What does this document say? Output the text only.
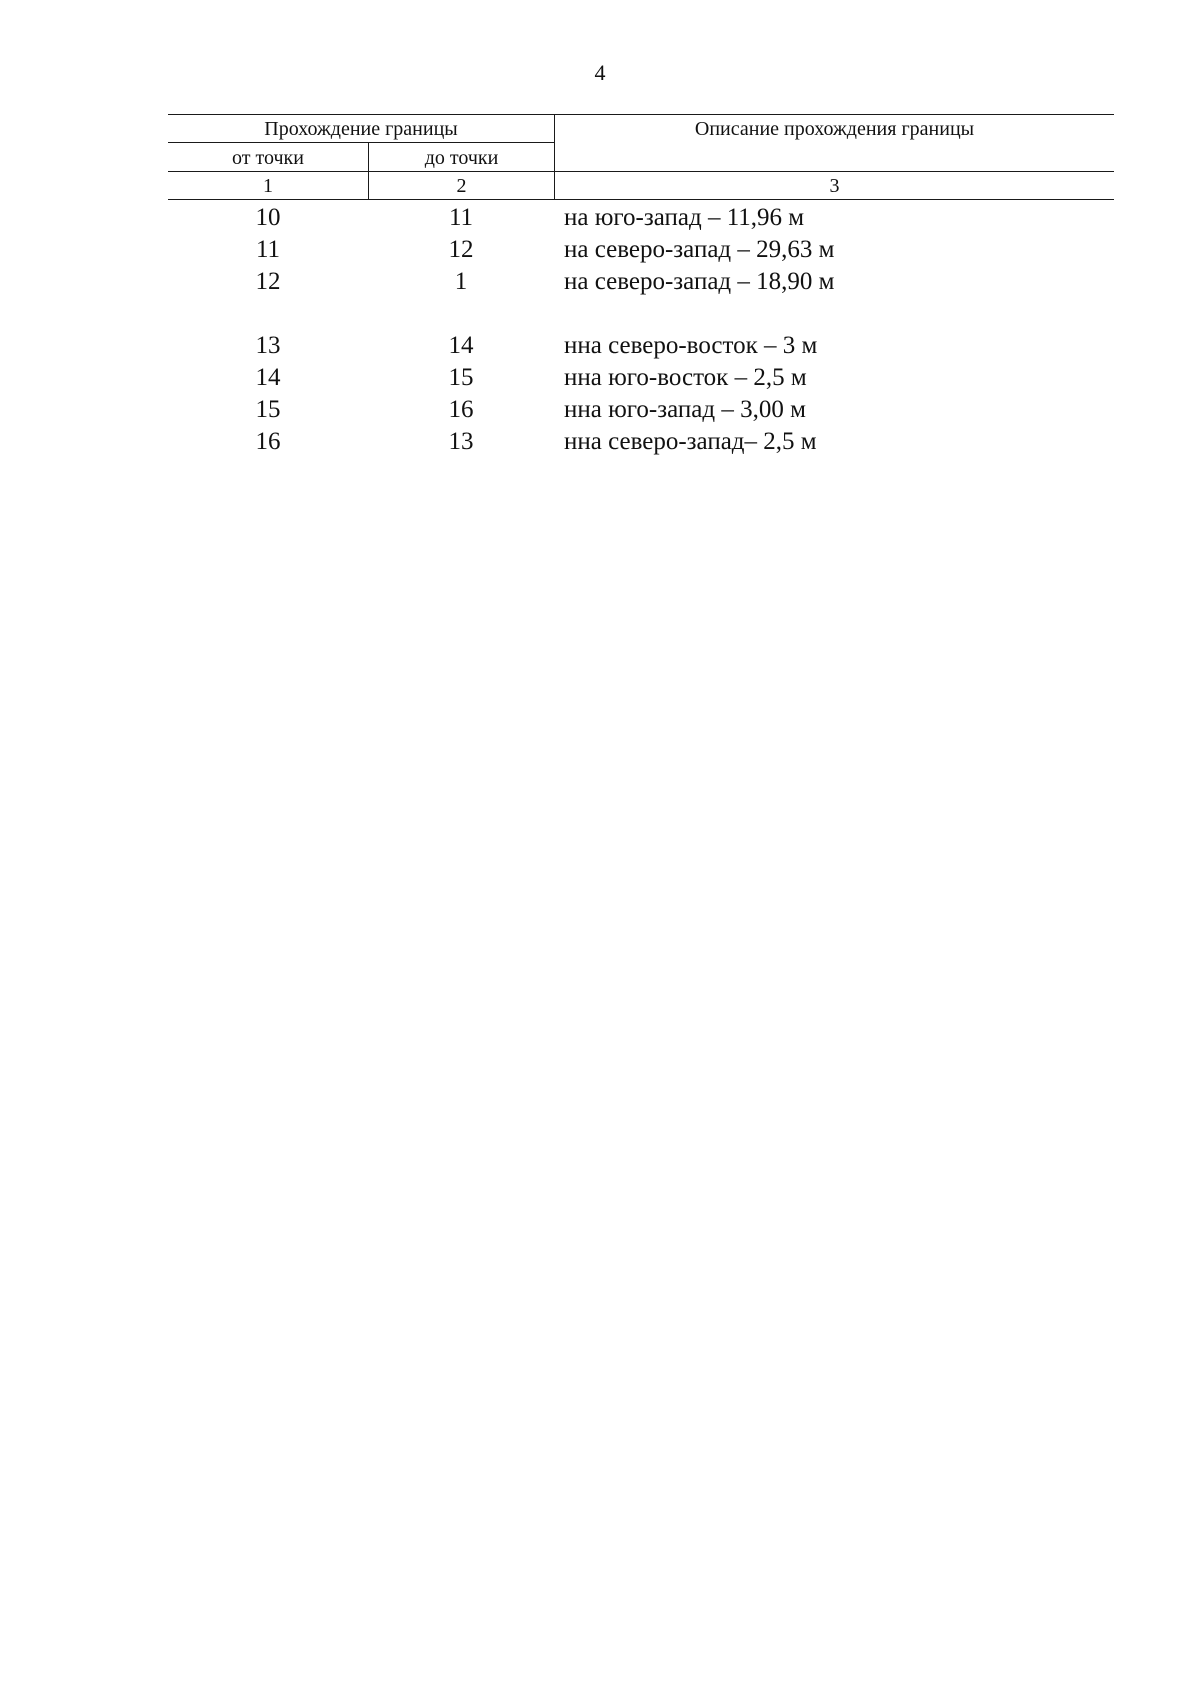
4
Прохождение границы	Описание прохождения границы
от точки	до точки
1	2	3
10	11	на юго-запад – 11,96 м
11	12	на северо-запад – 29,63 м
12	1	на северо-запад – 18,90 м
13	14	нна северо-восток – 3 м
14	15	нна юго-восток – 2,5 м
15	16	нна юго-запад – 3,00 м
16	13	нна северо-запад– 2,5 м
